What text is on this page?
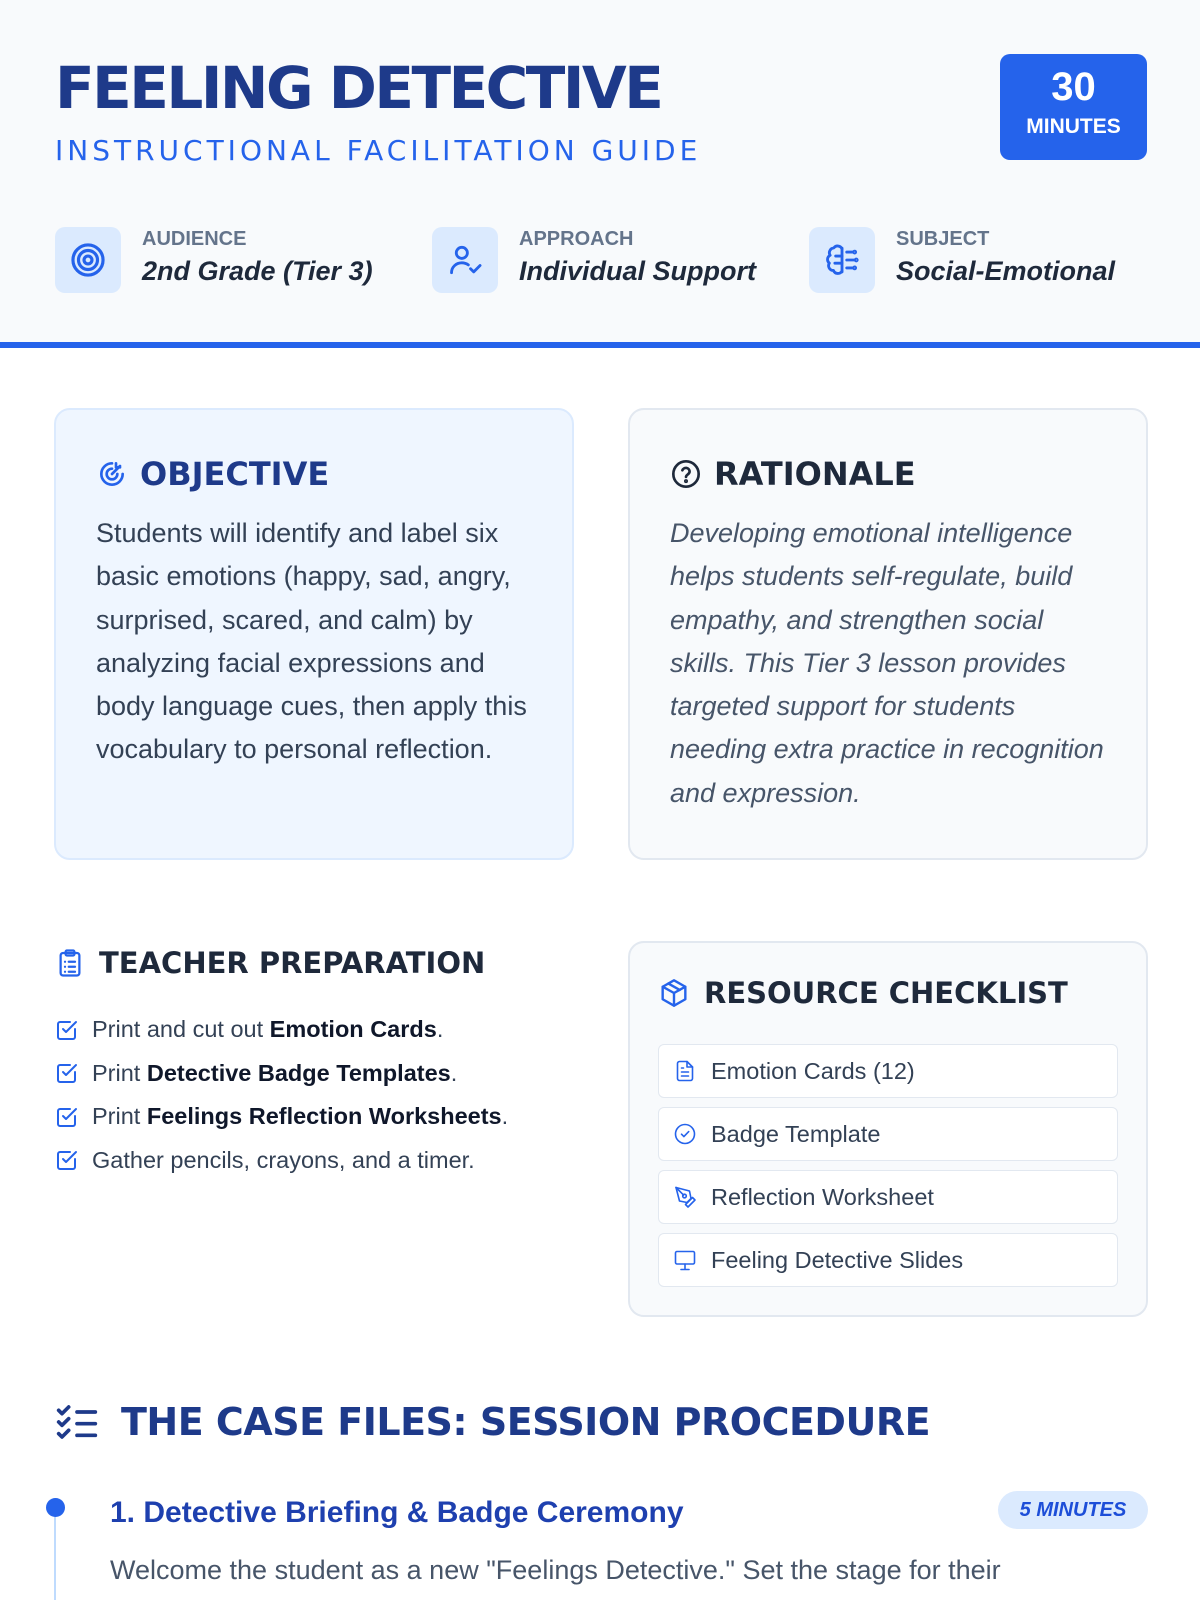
FEELING DETECTIVE
INSTRUCTIONAL FACILITATION GUIDE
30
MINUTES
AUDIENCE
2nd Grade (Tier 3)
APPROACH
Individual Support
SUBJECT
Social-Emotional
OBJECTIVE
Students will identify and label six basic emotions (happy, sad, angry, surprised, scared, and calm) by analyzing facial expressions and body language cues, then apply this vocabulary to personal reflection.
RATIONALE
Developing emotional intelligence helps students self-regulate, build empathy, and strengthen social skills. This Tier 3 lesson provides targeted support for students needing extra practice in recognition and expression.
TEACHER PREPARATION
Print and cut out Emotion Cards.
Print Detective Badge Templates.
Print Feelings Reflection Worksheets.
Gather pencils, crayons, and a timer.
RESOURCE CHECKLIST
Emotion Cards (12)
Badge Template
Reflection Worksheet
Feeling Detective Slides
THE CASE FILES: SESSION PROCEDURE
1. Detective Briefing & Badge Ceremony	5 MINUTES
Welcome the student as a new "Feelings Detective." Set the stage for their
